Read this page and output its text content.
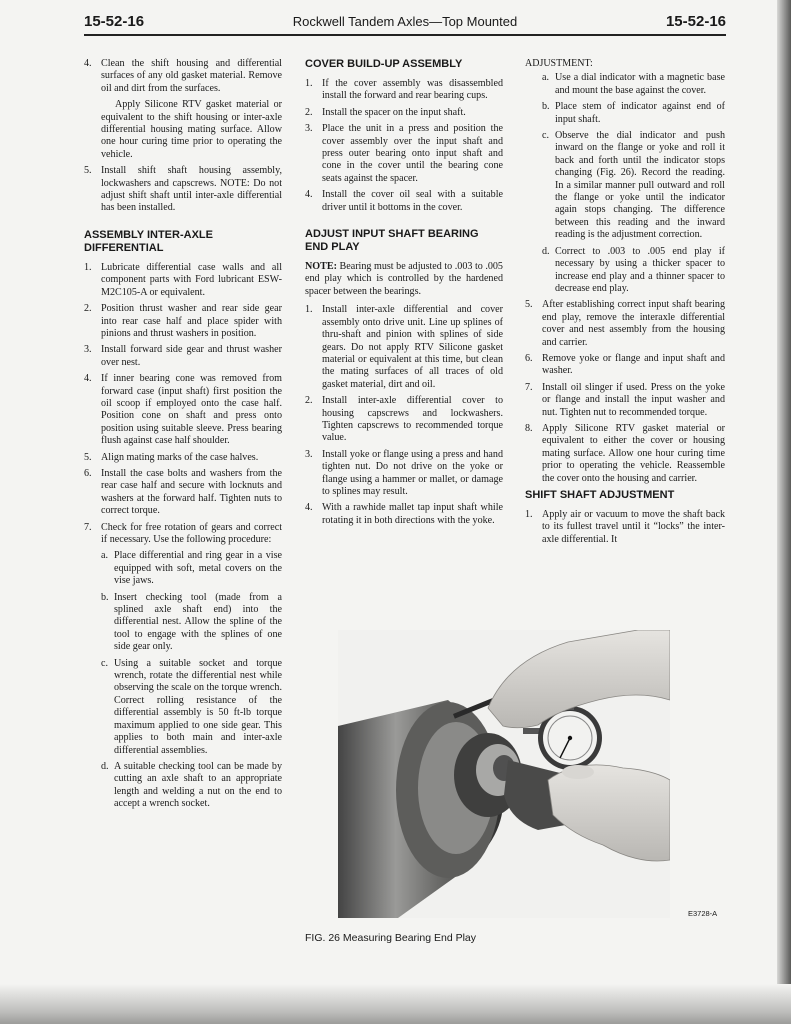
15-52-16	Rockwell Tandem Axles—Top Mounted	15-52-16
4. Clean the shift housing and differential surfaces of any old gasket material. Remove oil and dirt from the surfaces.
Apply Silicone RTV gasket material or equivalent to the shift housing or inter-axle differential housing mating surface. Allow one hour curing time prior to operating the vehicle.
5. Install shift shaft housing assembly, lockwashers and capscrews. NOTE: Do not adjust shift shaft until inter-axle differential has been installed.
ASSEMBLY INTER-AXLE DIFFERENTIAL
1. Lubricate differential case walls and all component parts with Ford lubricant ESW-M2C105-A or equivalent.
2. Position thrust washer and rear side gear into rear case half and place spider with pinions and thrust washers in position.
3. Install forward side gear and thrust washer over nest.
4. If inner bearing cone was removed from forward case (input shaft) first position the oil scoop if employed onto the case half. Position cone on shaft and press onto position using suitable sleeve. Press bearing flush against case half shoulder.
5. Align mating marks of the case halves.
6. Install the case bolts and washers from the rear case half and secure with locknuts and washers at the forward half. Tighten nuts to correct torque.
7. Check for free rotation of gears and correct if necessary. Use the following procedure:
a. Place differential and ring gear in a vise equipped with soft, metal covers on the vise jaws.
b. Insert checking tool (made from a splined axle shaft end) into the differential nest. Allow the spline of the tool to engage with the splines of one side gear only.
c. Using a suitable socket and torque wrench, rotate the differential nest while observing the scale on the torque wrench. Correct rolling resistance of the differential assembly is 50 ft-lb torque maximum applied to one side gear. This applies to both main and inter-axle differential assemblies.
d. A suitable checking tool can be made by cutting an axle shaft to an appropriate length and welding a nut on the end to accept a wrench socket.
COVER BUILD-UP ASSEMBLY
1. If the cover assembly was disassembled install the forward and rear bearing cups.
2. Install the spacer on the input shaft.
3. Place the unit in a press and position the cover assembly over the input shaft and press outer bearing onto input shaft and cone in the cover until the bearing cone seats against the spacer.
4. Install the cover oil seal with a suitable driver until it bottoms in the cover.
ADJUST INPUT SHAFT BEARING END PLAY
NOTE: Bearing must be adjusted to .003 to .005 end play which is controlled by the hardened spacer between the bearings.
1. Install inter-axle differential and cover assembly onto drive unit. Line up splines of thru-shaft and pinion with splines of side gears. Do not apply RTV Silicone gasket material or equivalent at this time, but clean the mating surfaces of all traces of old gasket material, dirt and oil.
2. Install inter-axle differential cover to housing capscrews and lockwashers. Tighten capscrews to recommended torque value.
3. Install yoke or flange using a press and hand tighten nut. Do not drive on the yoke or flange using a hammer or mallet, or damage to splines may result.
4. With a rawhide mallet tap input shaft while rotating it in both directions with the yoke.
ADJUSTMENT:
a. Use a dial indicator with a magnetic base and mount the base against the cover.
b. Place stem of indicator against end of input shaft.
c. Observe the dial indicator and push inward on the flange or yoke and roll it back and forth until the indicator stops changing (Fig. 26). Record the reading. In a similar manner pull outward and roll the flange or yoke until the indicator again stops changing. The difference between this reading and the inward reading is the adjustment correction.
d. Correct to .003 to .005 end play if necessary by using a thicker spacer to increase end play and a thinner spacer to decrease end play.
5. After establishing correct input shaft bearing end play, remove the interaxle differential cover and nest assembly from the housing and carrier.
6. Remove yoke or flange and input shaft and washer.
7. Install oil slinger if used. Press on the yoke or flange and install the input washer and nut. Tighten nut to recommended torque.
8. Apply Silicone RTV gasket material or equivalent to either the cover or housing mating surface. Allow one hour curing time prior to operating the vehicle. Reassemble the cover onto the housing and carrier.
SHIFT SHAFT ADJUSTMENT
1. Apply air or vacuum to move the shaft back to its fullest travel until it “locks” the inter-axle differential. It
E3728-A
FIG. 26 Measuring Bearing End Play
